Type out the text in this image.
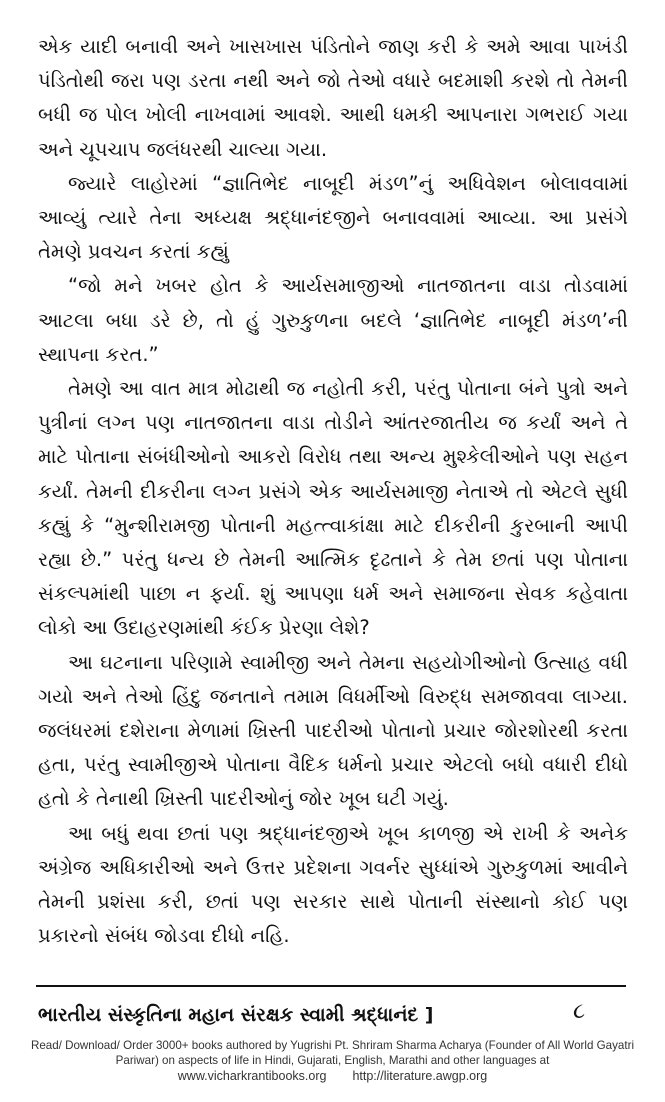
એક યાદી બનાવી અને ખાસખાસ પંડિતોને જાણ કરી કે અમે આવા પાખંડી પંડિતોથી જરા પણ ડરતા નથી અને જો તેઓ વધારે બદમાશી કરશે તો તેમની બધી જ પોલ ખોલી નાખવામાં આવશે. આથી ધમકી આપનારા ગભરાઈ ગયા અને ચૂપચાપ જલંધરથી ચાલ્યા ગયા.

જ્યારે લાહોરમાં “જ્ઞાતિભેદ નાબૂદી મંડળ”નું અધિવેશન બોલાવવામાં આવ્યું ત્યારે તેના અધ્યક્ષ શ્રદ્ધાનંદજીને બનાવવામાં આવ્યા. આ પ્રસંગે તેમણે પ્રવચન કરતાં કહ્યું

“જો મને ખબર હોત કે આર્યસમાજીઓ નાતજાતના વાડા તોડવામાં આટલા બધા ડરે છે, તો હું ગુરુકુળના બદલે ‘જ્ઞાતિભેદ નાબૂદી મંડળ’ની સ્થાપના કરત.”

તેમણે આ વાત માત્ર મોઢાથી જ નહોતી કરી, પરંતુ પોતાના બંને પુત્રો અને પુત્રીનાં લગ્ન પણ નાતજાતના વાડા તોડીને આંતરજાતીય જ કર્યાં અને તે માટે પોતાના સંબંધીઓનો આકરો વિરોધ તથા અન્ય મુશ્કેલીઓને પણ સહન કર્યાં. તેમની દીકરીના લગ્ન પ્રસંગે એક આર્યસમાજી નેતાએ તો એટલે સુધી કહ્યું કે “મુન્શીરામજી પોતાની મહત્ત્વાકાંક્ષા માટે દીકરીની કુરબાની આપી રહ્યા છે.” પરંતુ ધન્ય છે તેમની આત્મિક દૃઢતાને કે તેમ છતાં પણ પોતાના સંકલ્પમાંથી પાછા ન ફર્યા. શું આપણા ધર્મ અને સમાજના સેવક કહેવાતા લોકો આ ઉદાહરણમાંથી કંઈક પ્રેરણા લેશે?

આ ઘટનાના પરિણામે સ્વામીજી અને તેમના સહયોગીઓનો ઉત્સાહ વધી ગયો અને તેઓ હિંદુ જનતાને તમામ વિધર્મીઓ વિરુદ્ધ સમજાવવા લાગ્યા. જલંધરમાં દશેરાના મેળામાં ખ્રિસ્તી પાદરીઓ પોતાનો પ્રચાર જોરશોરથી કરતા હતા, પરંતુ સ્વામીજીએ પોતાના વૈદિક ધર્મનો પ્રચાર એટલો બધો વધારી દીધો હતો કે તેનાથી ખ્રિસ્તી પાદરીઓનું જોર ખૂબ ઘટી ગયું.

આ બધું થવા છતાં પણ શ્રદ્ધાનંદજીએ ખૂબ કાળજી એ રાખી કે અનેક અંગ્રેજ અધિકારીઓ અને ઉત્તર પ્રદેશના ગવર્નર સુધ્ધાંએ ગુરુકુળમાં આવીને તેમની પ્રશંસા કરી, છતાં પણ સરકાર સાથે પોતાની સંસ્થાનો કોઈ પણ પ્રકારનો સંબંધ જોડવા દીધો નહિ.

ભારતીય સંસ્કૃતિના મહાન સંરક્ષક સ્વામી શ્રદ્ધાનંદ ]	૮
Read/ Download/ Order 3000+ books authored by Yugrishi Pt. Shriram Sharma Acharya (Founder of All World Gayatri Pariwar) on aspects of life in Hindi, Gujarati, English, Marathi and other languages at
www.vicharkrantibooks.org http://literature.awgp.org
